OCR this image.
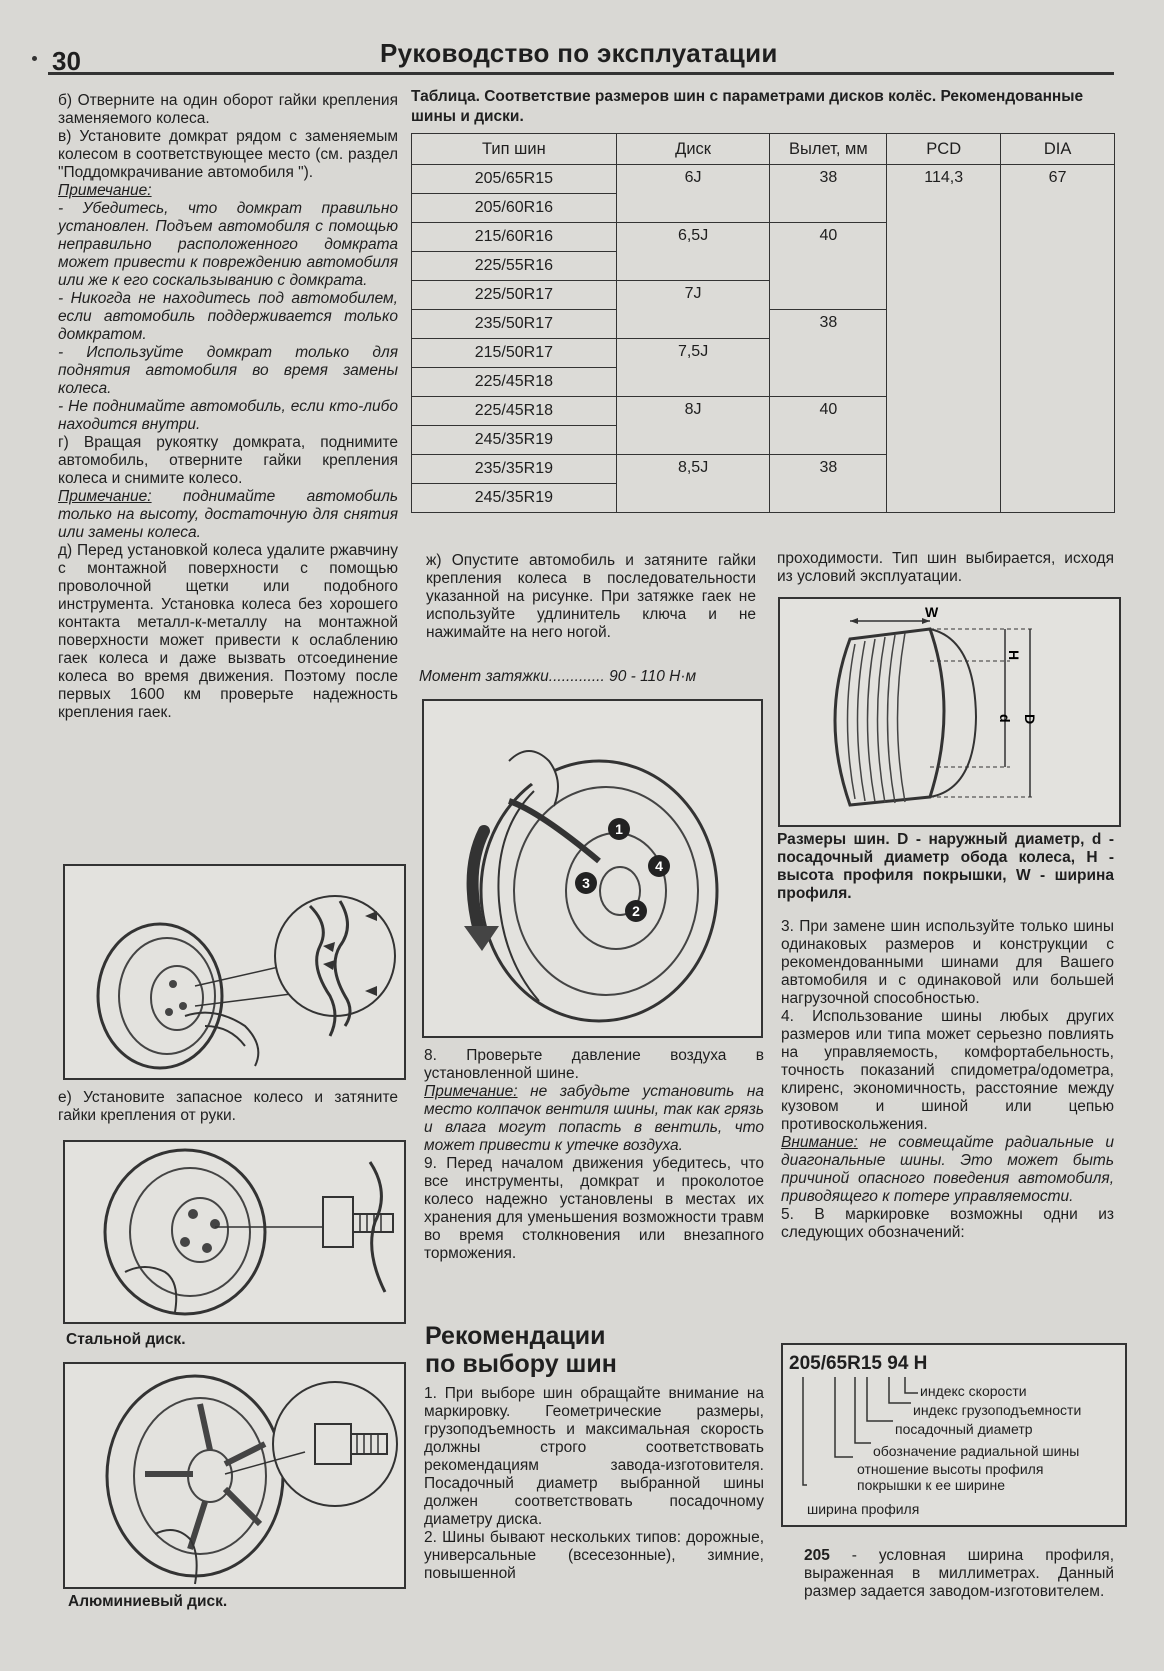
30	Руководство по эксплуатации

б) Отверните на один оборот гайки крепления заменяемого колеса.

в) Установите домкрат рядом с заменяемым колесом в соответствующее место (см. раздел "Поддомкрачивание автомобиля ").

Примечание:

- Убедитесь, что домкрат правильно установлен. Подъем автомобиля с помощью неправильно расположенного домкрата может привести к повреждению автомобиля или же к его соскальзыванию с домкрата.

- Никогда не находитесь под автомобилем, если автомобиль поддерживается только домкратом.

- Используйте домкрат только для поднятия автомобиля во время замены колеса.

- Не поднимайте автомобиль, если кто-либо находится внутри.

г) Вращая рукоятку домкрата, поднимите автомобиль, отверните гайки крепления колеса и снимите колесо.

Примечание: поднимайте автомобиль только на высоту, достаточную для снятия или замены колеса.

д) Перед установкой колеса удалите ржавчину с монтажной поверхности с помощью проволочной щетки или подобного инструмента. Установка колеса без хорошего контакта металл-к-металлу на монтажной поверхности может привести к ослаблению гаек колеса и даже вызвать отсоединение колеса во время движения. Поэтому после первых 1600 км проверьте надежность крепления гаек.

е) Установите запасное колесо и затяните гайки крепления от руки.
Стальной диск.
Алюминиевый диск.
Таблица. Соответствие размеров шин с параметрами дисков колёс. Рекомендованные шины и диски.
Тип шин	Диск	Вылет, мм	PCD	DIA
205/65R15	6J	38	114,3	67
205/60R16				
215/60R16	6,5J	40		
225/55R16				
225/50R17	7J			
235/50R17		38		
215/50R17	7,5J			
225/45R18				
225/45R18	8J	40		
245/35R19				
235/35R19	8,5J	38		
245/35R19				
ж) Опустите автомобиль и затяните гайки крепления колеса в последовательности указанной на рисунке. При затяжке гаек не используйте удлинитель ключа и не нажимайте на него ногой.
Момент затяжки............. 90 - 110 Н·м
1
2
3
4

8. Проверьте давление воздуха в установленной шине.

Примечание: не забудьте установить на место колпачок вентиля шины, так как грязь и влага могут попасть в вентиль, что может привести к утечке воздуха.

9. Перед началом движения убедитесь, что все инструменты, домкрат и проколотое колесо надежно установлены в местах их хранения для уменьшения возможности травм во время столкновения или внезапного торможения.

Рекомендации по выбору шин

1. При выборе шин обращайте внимание на маркировку. Геометрические размеры, грузоподъемность и максимальная скорость должны строго соответствовать рекомендациям завода-изготовителя. Посадочный диаметр выбранной шины должен соответствовать посадочному диаметру диска.

2. Шины бывают нескольких типов: дорожные, универсальные (всесезонные), зимние, повышенной

проходимости. Тип шин выбирается, исходя из условий эксплуатации.
W
H
d D
Размеры шин. D - наружный диаметр, d - посадочный диаметр обода колеса, H - высота профиля покрышки, W - ширина профиля.

3. При замене шин используйте только шины одинаковых размеров и конструкции с рекомендованными шинами для Вашего автомобиля и с одинаковой или большей нагрузочной способностью.

4. Использование шины любых других размеров или типа может серьезно повлиять на управляемость, комфортабельность, точность показаний спидометра/одометра, клиренс, экономичность, расстояние между кузовом и шиной или цепью противоскольжения.

Внимание: не совмещайте радиальные и диагональные шины. Это может быть причиной опасного поведения автомобиля, приводящего к потере управляемости.

5. В маркировке возможны одни из следующих обозначений:

205/65R15 94 H
индекс скорости
индекс грузоподъемности
посадочный диаметр
обозначение радиальной шины
отношение высоты профиля покрышки к ее ширине
ширина профиля

205 - условная ширина профиля, выраженная в миллиметрах. Данный размер задается заводом-изготовителем.
